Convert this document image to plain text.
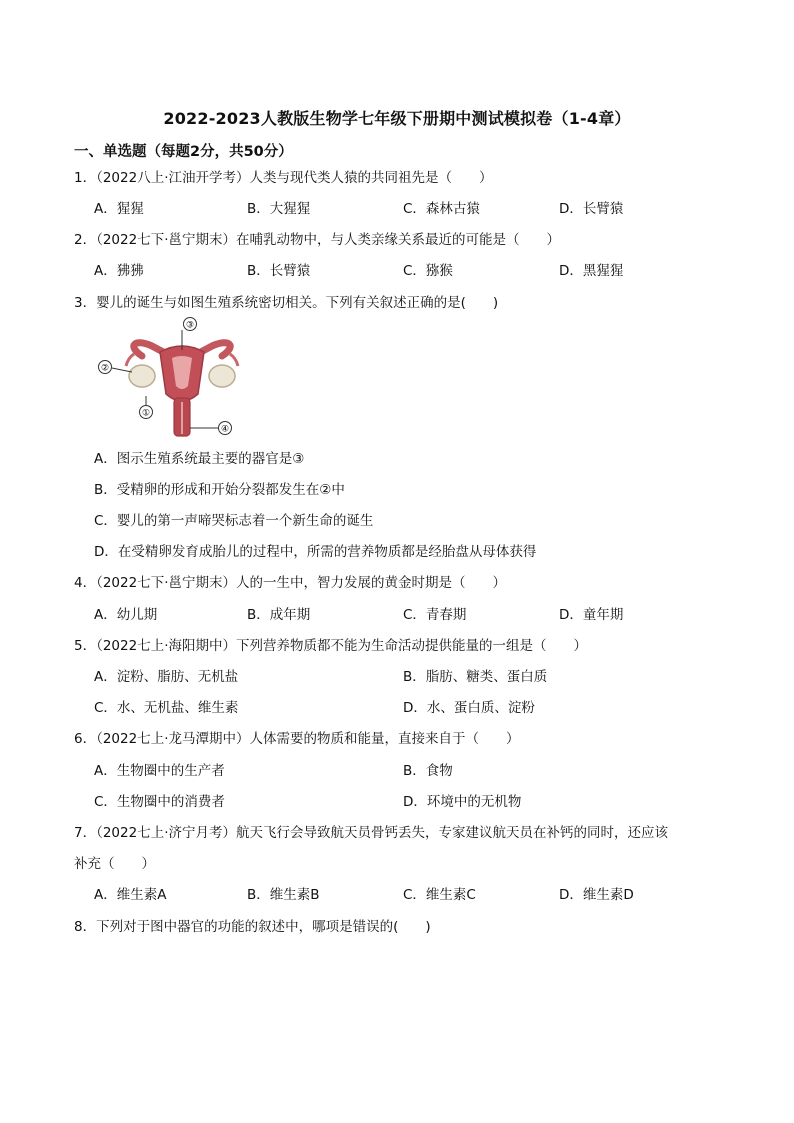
2022-2023人教版生物学七年级下册期中测试模拟卷（1-4章）
一、单选题（每题2分，共50分）
1．（2022八上·江油开学考）人类与现代类人猿的共同祖先是（　　）
A．猩猩	B．大猩猩	C．森林古猿	D．长臂猿
2．（2022七下·邕宁期末）在哺乳动物中，与人类亲缘关系最近的可能是（　　）
A．狒狒	B．长臂猿	C．猕猴	D．黑猩猩
3．婴儿的诞生与如图生殖系统密切相关。下列有关叙述正确的是(　　)
③
②
①
④
A．图示生殖系统最主要的器官是③
B．受精卵的形成和开始分裂都发生在②中
C．婴儿的第一声啼哭标志着一个新生命的诞生
D．在受精卵发育成胎儿的过程中，所需的营养物质都是经胎盘从母体获得
4．（2022七下·邕宁期末）人的一生中，智力发展的黄金时期是（　　）
A．幼儿期	B．成年期	C．青春期	D．童年期
5．（2022七上·海阳期中）下列营养物质都不能为生命活动提供能量的一组是（　　）
A．淀粉、脂肪、无机盐	B．脂肪、糖类、蛋白质
C．水、无机盐、维生素	D．水、蛋白质、淀粉
6．（2022七上·龙马潭期中）人体需要的物质和能量，直接来自于（　　）
A．生物圈中的生产者	B．食物
C．生物圈中的消费者	D．环境中的无机物
7．（2022七上·济宁月考）航天飞行会导致航天员骨钙丢失，专家建议航天员在补钙的同时，还应该
补充（　　）
A．维生素A	B．维生素B	C．维生素C	D．维生素D
8．下列对于图中器官的功能的叙述中，哪项是错误的(　　)
